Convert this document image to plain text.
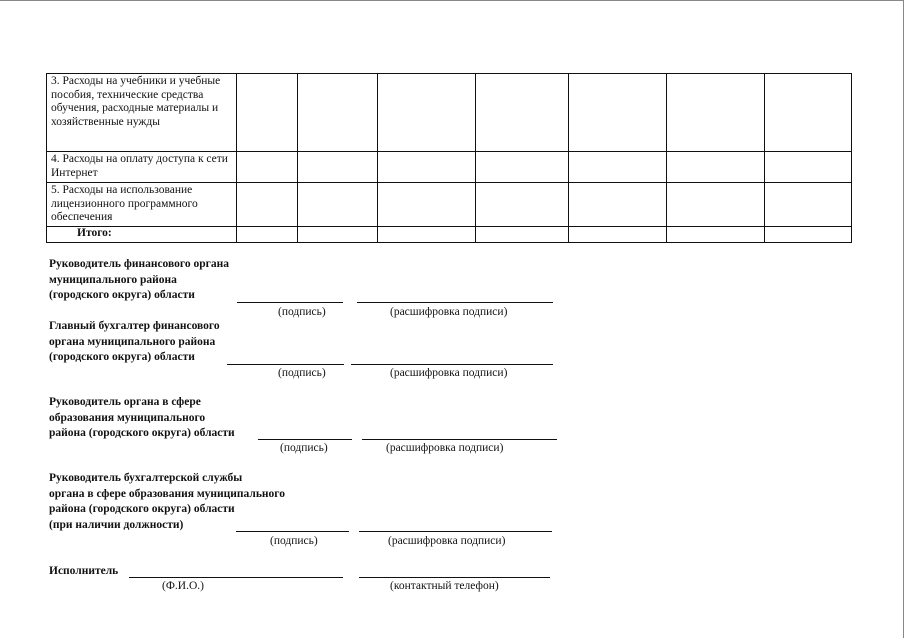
3. Расходы на учебники и учебные пособия, технические средства обучения, расходные материалы и хозяйственные нужды							
4. Расходы на оплату доступа к сети Интернет							
5. Расходы на использование лицензионного программного обеспечения							
Итого:							
Руководитель финансового органа
муниципального района
(городского округа) области
(подпись)	(расшифровка подписи)
Главный бухгалтер финансового
органа муниципального района
(городского округа) области
(подпись)	(расшифровка подписи)
Руководитель органа в сфере
образования муниципального
района (городского округа) области
(подпись)	(расшифровка подписи)
Руководитель бухгалтерской службы
органа в сфере образования муниципального
района (городского округа) области
(при наличии должности)
(подпись)	(расшифровка подписи)
Исполнитель
(Ф.И.О.)	(контактный телефон)
